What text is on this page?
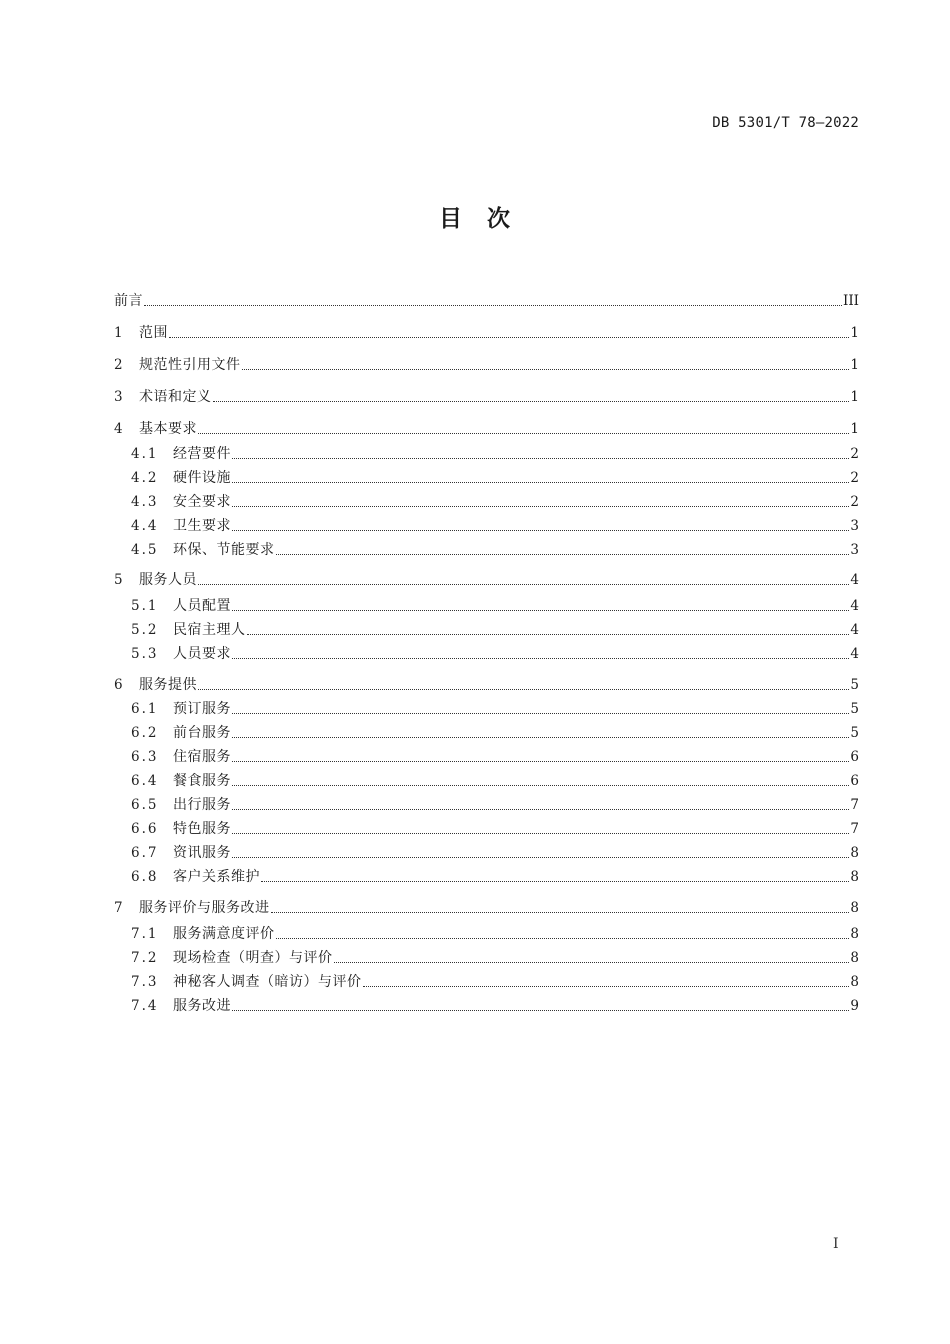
DB 5301/T 78—2022
目　次
前言	III
1	范围	1
2	规范性引用文件	1
3	术语和定义	1
4	基本要求	1
4.1	经营要件	2
4.2	硬件设施	2
4.3	安全要求	2
4.4	卫生要求	3
4.5	环保、节能要求	3
5	服务人员	4
5.1	人员配置	4
5.2	民宿主理人	4
5.3	人员要求	4
6	服务提供	5
6.1	预订服务	5
6.2	前台服务	5
6.3	住宿服务	6
6.4	餐食服务	6
6.5	出行服务	7
6.6	特色服务	7
6.7	资讯服务	8
6.8	客户关系维护	8
7	服务评价与服务改进	8
7.1	服务满意度评价	8
7.2	现场检查（明查）与评价	8
7.3	神秘客人调查（暗访）与评价	8
7.4	服务改进	9
I
